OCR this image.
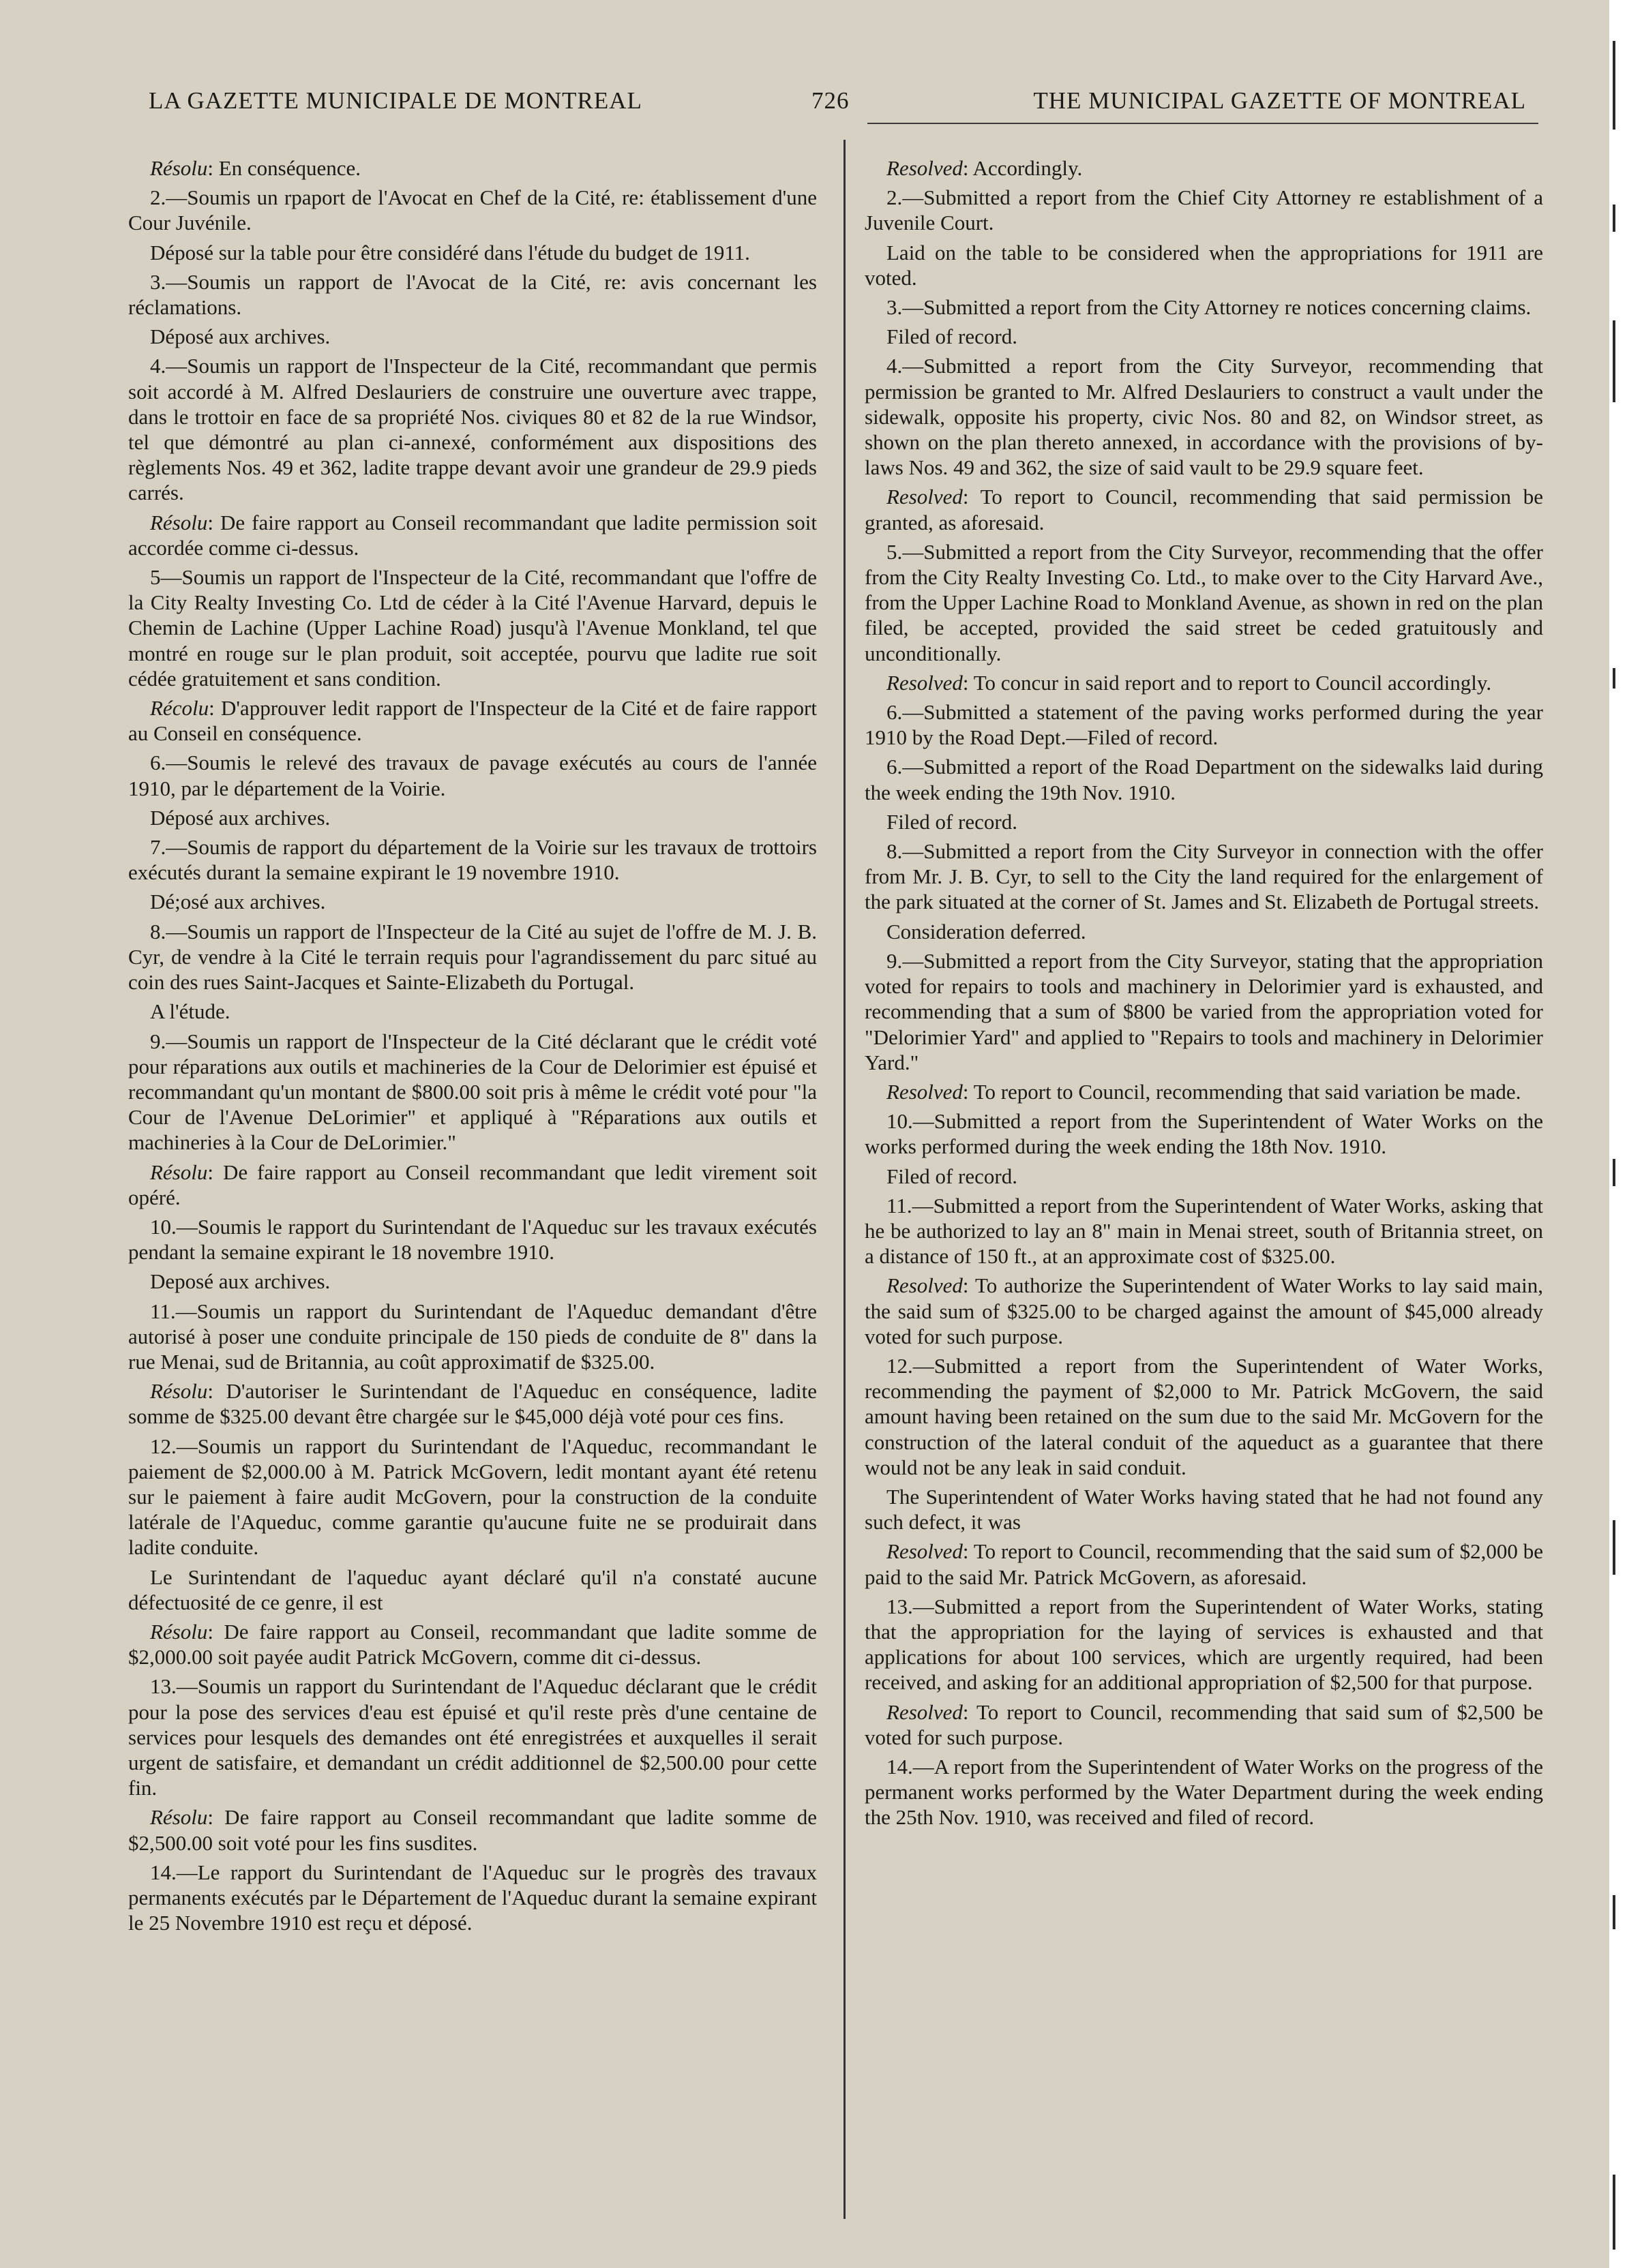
LA GAZETTE MUNICIPALE DE MONTREAL	726	THE MUNICIPAL GAZETTE OF MONTREAL

Résolu: En conséquence.

2.—Soumis un rpaport de l'Avocat en Chef de la Cité, re: établissement d'une Cour Juvénile.

Déposé sur la table pour être considéré dans l'étude du budget de 1911.

3.—Soumis un rapport de l'Avocat de la Cité, re: avis concernant les réclamations.

Déposé aux archives.

4.—Soumis un rapport de l'Inspecteur de la Cité, recommandant que permis soit accordé à M. Alfred Deslauriers de construire une ouverture avec trappe, dans le trottoir en face de sa propriété Nos. civiques 80 et 82 de la rue Windsor, tel que démontré au plan ci-annexé, conformément aux dispositions des règlements Nos. 49 et 362, ladite trappe devant avoir une grandeur de 29.9 pieds carrés.

Résolu: De faire rapport au Conseil recommandant que ladite permission soit accordée comme ci-dessus.

5—Soumis un rapport de l'Inspecteur de la Cité, recommandant que l'offre de la City Realty Investing Co. Ltd de céder à la Cité l'Avenue Harvard, depuis le Chemin de Lachine (Upper Lachine Road) jusqu'à l'Avenue Monkland, tel que montré en rouge sur le plan produit, soit acceptée, pourvu que ladite rue soit cédée gratuitement et sans condition.

Récolu: D'approuver ledit rapport de l'Inspecteur de la Cité et de faire rapport au Conseil en conséquence.

6.—Soumis le relevé des travaux de pavage exécutés au cours de l'année 1910, par le département de la Voirie.

Déposé aux archives.

7.—Soumis de rapport du département de la Voirie sur les travaux de trottoirs exécutés durant la semaine expirant le 19 novembre 1910.

Dé;osé aux archives.

8.—Soumis un rapport de l'Inspecteur de la Cité au sujet de l'offre de M. J. B. Cyr, de vendre à la Cité le terrain requis pour l'agrandissement du parc situé au coin des rues Saint-Jacques et Sainte-Elizabeth du Portugal.

A l'étude.

9.—Soumis un rapport de l'Inspecteur de la Cité déclarant que le crédit voté pour réparations aux outils et machineries de la Cour de Delorimier est épuisé et recommandant qu'un montant de $800.00 soit pris à même le crédit voté pour "la Cour de l'Avenue DeLorimier" et appliqué à "Réparations aux outils et machineries à la Cour de DeLorimier."

Résolu: De faire rapport au Conseil recommandant que ledit virement soit opéré.

10.—Soumis le rapport du Surintendant de l'Aqueduc sur les travaux exécutés pendant la semaine expirant le 18 novembre 1910.

Deposé aux archives.

11.—Soumis un rapport du Surintendant de l'Aqueduc demandant d'être autorisé à poser une conduite principale de 150 pieds de conduite de 8" dans la rue Menai, sud de Britannia, au coût approximatif de $325.00.

Résolu: D'autoriser le Surintendant de l'Aqueduc en conséquence, ladite somme de $325.00 devant être chargée sur le $45,000 déjà voté pour ces fins.

12.—Soumis un rapport du Surintendant de l'Aqueduc, recommandant le paiement de $2,000.00 à M. Patrick McGovern, ledit montant ayant été retenu sur le paiement à faire audit McGovern, pour la construction de la conduite latérale de l'Aqueduc, comme garantie qu'aucune fuite ne se produirait dans ladite conduite.

Le Surintendant de l'aqueduc ayant déclaré qu'il n'a constaté aucune défectuosité de ce genre, il est

Résolu: De faire rapport au Conseil, recommandant que ladite somme de $2,000.00 soit payée audit Patrick McGovern, comme dit ci-dessus.

13.—Soumis un rapport du Surintendant de l'Aqueduc déclarant que le crédit pour la pose des services d'eau est épuisé et qu'il reste près d'une centaine de services pour lesquels des demandes ont été enregistrées et auxquelles il serait urgent de satisfaire, et demandant un crédit additionnel de $2,500.00 pour cette fin.

Résolu: De faire rapport au Conseil recommandant que ladite somme de $2,500.00 soit voté pour les fins susdites.

14.—Le rapport du Surintendant de l'Aqueduc sur le progrès des travaux permanents exécutés par le Département de l'Aqueduc durant la semaine expirant le 25 Novembre 1910 est reçu et déposé.

Resolved: Accordingly.

2.—Submitted a report from the Chief City Attorney re establishment of a Juvenile Court.

Laid on the table to be considered when the appropriations for 1911 are voted.

3.—Submitted a report from the City Attorney re notices concerning claims.

Filed of record.

4.—Submitted a report from the City Surveyor, recommending that permission be granted to Mr. Alfred Deslauriers to construct a vault under the sidewalk, opposite his property, civic Nos. 80 and 82, on Windsor street, as shown on the plan thereto annexed, in accordance with the provisions of by-laws Nos. 49 and 362, the size of said vault to be 29.9 square feet.

Resolved: To report to Council, recommending that said permission be granted, as aforesaid.

5.—Submitted a report from the City Surveyor, recommending that the offer from the City Realty Investing Co. Ltd., to make over to the City Harvard Ave., from the Upper Lachine Road to Monkland Avenue, as shown in red on the plan filed, be accepted, provided the said street be ceded gratuitously and unconditionally.

Resolved: To concur in said report and to report to Council accordingly.

6.—Submitted a statement of the paving works performed during the year 1910 by the Road Dept.—Filed of record.

6.—Submitted a report of the Road Department on the sidewalks laid during the week ending the 19th Nov. 1910.

Filed of record.

8.—Submitted a report from the City Surveyor in connection with the offer from Mr. J. B. Cyr, to sell to the City the land required for the enlargement of the park situated at the corner of St. James and St. Elizabeth de Portugal streets.

Consideration deferred.

9.—Submitted a report from the City Surveyor, stating that the appropriation voted for repairs to tools and machinery in Delorimier yard is exhausted, and recommending that a sum of $800 be varied from the appropriation voted for "Delorimier Yard" and applied to "Repairs to tools and machinery in Delorimier Yard."

Resolved: To report to Council, recommending that said variation be made.

10.—Submitted a report from the Superintendent of Water Works on the works performed during the week ending the 18th Nov. 1910.

Filed of record.

11.—Submitted a report from the Superintendent of Water Works, asking that he be authorized to lay an 8" main in Menai street, south of Britannia street, on a distance of 150 ft., at an approximate cost of $325.00.

Resolved: To authorize the Superintendent of Water Works to lay said main, the said sum of $325.00 to be charged against the amount of $45,000 already voted for such purpose.

12.—Submitted a report from the Superintendent of Water Works, recommending the payment of $2,000 to Mr. Patrick McGovern, the said amount having been retained on the sum due to the said Mr. McGovern for the construction of the lateral conduit of the aqueduct as a guarantee that there would not be any leak in said conduit.

The Superintendent of Water Works having stated that he had not found any such defect, it was

Resolved: To report to Council, recommending that the said sum of $2,000 be paid to the said Mr. Patrick McGovern, as aforesaid.

13.—Submitted a report from the Superintendent of Water Works, stating that the appropriation for the laying of services is exhausted and that applications for about 100 services, which are urgently required, had been received, and asking for an additional appropriation of $2,500 for that purpose.

Resolved: To report to Council, recommending that said sum of $2,500 be voted for such purpose.

14.—A report from the Superintendent of Water Works on the progress of the permanent works performed by the Water Department during the week ending the 25th Nov. 1910, was received and filed of record.
